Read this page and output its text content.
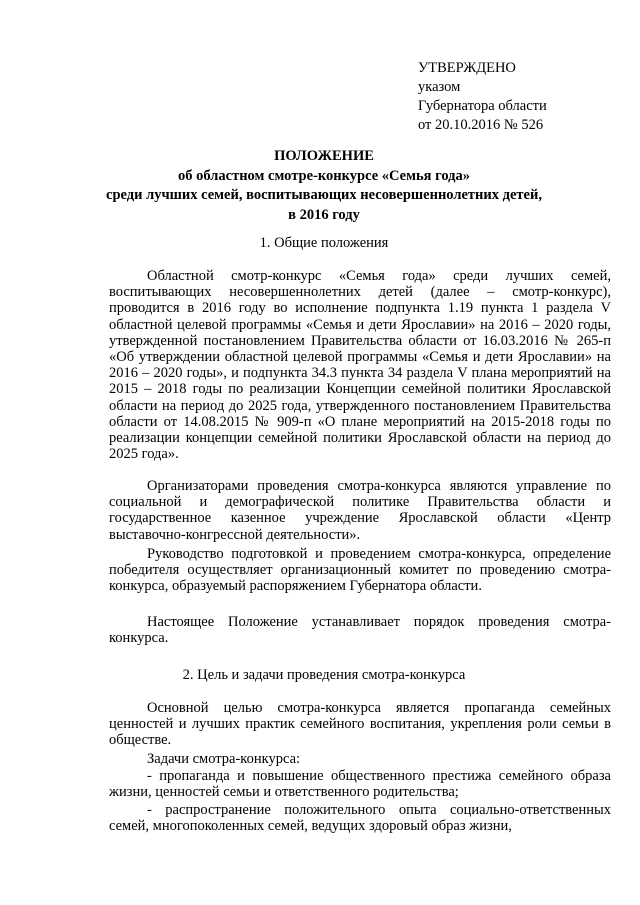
УТВЕРЖДЕНО
указом
Губернатора области
от 20.10.2016 № 526
ПОЛОЖЕНИЕ
об областном смотре-конкурсе «Семья года»
среди лучших семей, воспитывающих несовершеннолетних детей,
в 2016 году
1. Общие положения
Областной смотр-конкурс «Семья года» среди лучших семей, воспитывающих несовершеннолетних детей (далее – смотр-конкурс), проводится в 2016 году во исполнение подпункта 1.19 пункта 1 раздела V областной целевой программы «Семья и дети Ярославии» на 2016 – 2020 годы, утвержденной постановлением Правительства области от 16.03.2016 № 265-п «Об утверждении областной целевой программы «Семья и дети Ярославии» на 2016 – 2020 годы», и подпункта 34.3 пункта 34 раздела V плана мероприятий на 2015 – 2018 годы по реализации Концепции семейной политики Ярославской области на период до 2025 года, утвержденного постановлением Правительства области от 14.08.2015 № 909-п «О плане мероприятий на 2015-2018 годы по реализации концепции семейной политики Ярославской области на период до 2025 года».
Организаторами проведения смотра-конкурса являются управление по социальной и демографической политике Правительства области и государственное казенное учреждение Ярославской области «Центр выставочно-конгрессной деятельности».
Руководство подготовкой и проведением смотра-конкурса, определение победителя осуществляет организационный комитет по проведению смотра-конкурса, образуемый распоряжением Губернатора области.
Настоящее Положение устанавливает порядок проведения смотра-конкурса.
2. Цель и задачи проведения смотра-конкурса
Основной целью смотра-конкурса является пропаганда семейных ценностей и лучших практик семейного воспитания, укрепления роли семьи в обществе.
Задачи смотра-конкурса:
- пропаганда и повышение общественного престижа семейного образа жизни, ценностей семьи и ответственного родительства;
- распространение положительного опыта социально-ответственных семей, многопоколенных семей, ведущих здоровый образ жизни,
